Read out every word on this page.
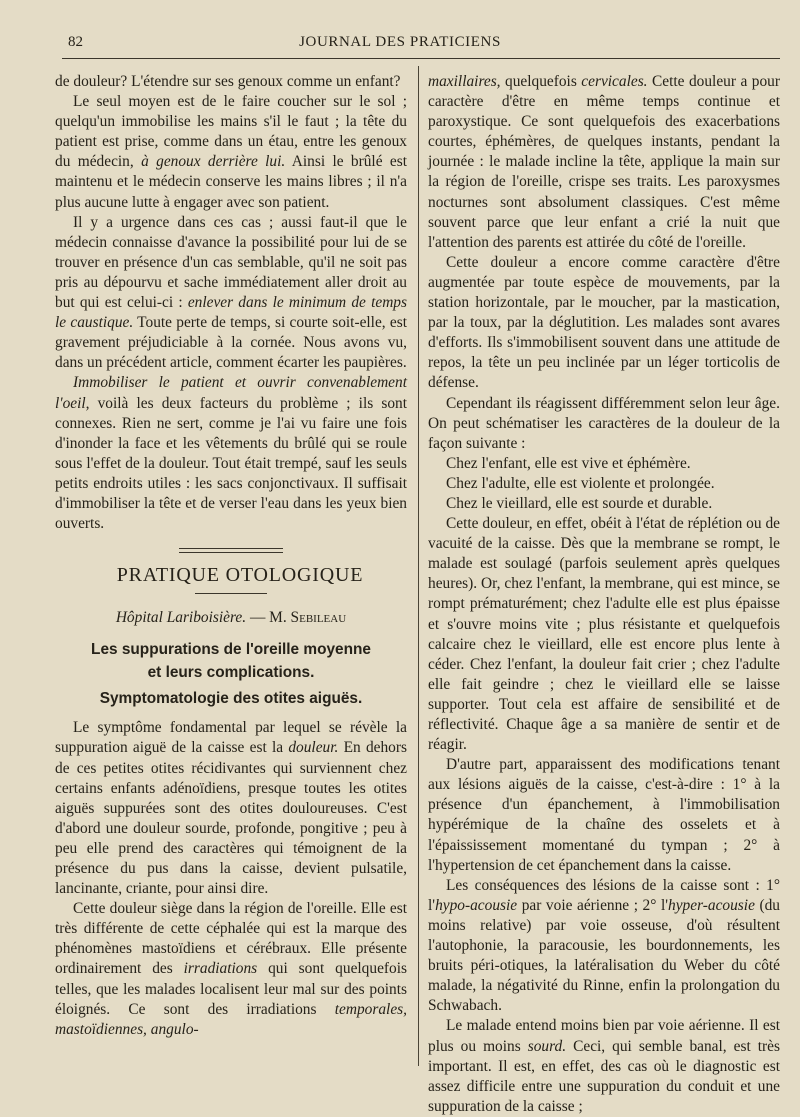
82	JOURNAL DES PRATICIENS

de douleur? L'étendre sur ses genoux comme un enfant?

Le seul moyen est de le faire coucher sur le sol ; quelqu'un immobilise les mains s'il le faut ; la tête du patient est prise, comme dans un étau, entre les genoux du médecin, à genoux derrière lui. Ainsi le brûlé est maintenu et le médecin conserve les mains libres ; il n'a plus aucune lutte à engager avec son patient.

Il y a urgence dans ces cas ; aussi faut-il que le médecin connaisse d'avance la possibilité pour lui de se trouver en présence d'un cas semblable, qu'il ne soit pas pris au dépourvu et sache immédiatement aller droit au but qui est celui-ci : enlever dans le minimum de temps le caustique. Toute perte de temps, si courte soit-elle, est gravement préjudiciable à la cornée. Nous avons vu, dans un précédent article, comment écarter les paupières.

Immobiliser le patient et ouvrir convenablement l'oeil, voilà les deux facteurs du problème ; ils sont connexes. Rien ne sert, comme je l'ai vu faire une fois d'inonder la face et les vêtements du brûlé qui se roule sous l'effet de la douleur. Tout était trempé, sauf les seuls petits endroits utiles : les sacs conjonctivaux. Il suffisait d'immobiliser la tête et de verser l'eau dans les yeux bien ouverts.

PRATIQUE OTOLOGIQUE

Hôpital Lariboisière. — M. Sebileau

Les suppurations de l'oreille moyenne
et leurs complications.

Symptomatologie des otites aiguës.

Le symptôme fondamental par lequel se révèle la suppuration aiguë de la caisse est la douleur. En dehors de ces petites otites récidivantes qui surviennent chez certains enfants adénoïdiens, presque toutes les otites aiguës suppurées sont des otites douloureuses. C'est d'abord une douleur sourde, profonde, pongitive ; peu à peu elle prend des caractères qui témoignent de la présence du pus dans la caisse, devient pulsatile, lancinante, criante, pour ainsi dire.

Cette douleur siège dans la région de l'oreille. Elle est très différente de cette céphalée qui est la marque des phénomènes mastoïdiens et cérébraux. Elle présente ordinairement des irradiations qui sont quelquefois telles, que les malades localisent leur mal sur des points éloignés. Ce sont des irradiations temporales, mastoïdiennes, angulo-

maxillaires, quelquefois cervicales. Cette douleur a pour caractère d'être en même temps continue et paroxystique. Ce sont quelquefois des exacerbations courtes, éphémères, de quelques instants, pendant la journée : le malade incline la tête, applique la main sur la région de l'oreille, crispe ses traits. Les paroxysmes nocturnes sont absolument classiques. C'est même souvent parce que leur enfant a crié la nuit que l'attention des parents est attirée du côté de l'oreille.

Cette douleur a encore comme caractère d'être augmentée par toute espèce de mouvements, par la station horizontale, par le moucher, par la mastication, par la toux, par la déglutition. Les malades sont avares d'efforts. Ils s'immobilisent souvent dans une attitude de repos, la tête un peu inclinée par un léger torticolis de défense.

Cependant ils réagissent différemment selon leur âge. On peut schématiser les caractères de la douleur de la façon suivante :

Chez l'enfant, elle est vive et éphémère.

Chez l'adulte, elle est violente et prolongée.

Chez le vieillard, elle est sourde et durable.

Cette douleur, en effet, obéit à l'état de réplétion ou de vacuité de la caisse. Dès que la membrane se rompt, le malade est soulagé (parfois seulement après quelques heures). Or, chez l'enfant, la membrane, qui est mince, se rompt prématurément; chez l'adulte elle est plus épaisse et s'ouvre moins vite ; plus résistante et quelquefois calcaire chez le vieillard, elle est encore plus lente à céder. Chez l'enfant, la douleur fait crier ; chez l'adulte elle fait geindre ; chez le vieillard elle se laisse supporter. Tout cela est affaire de sensibilité et de réflectivité. Chaque âge a sa manière de sentir et de réagir.

D'autre part, apparaissent des modifications tenant aux lésions aiguës de la caisse, c'est-à-dire : 1° à la présence d'un épanchement, à l'immobilisation hypérémique de la chaîne des osselets et à l'épaississement momentané du tympan ; 2° à l'hypertension de cet épanchement dans la caisse.

Les conséquences des lésions de la caisse sont : 1° l'hypo-acousie par voie aérienne ; 2° l'hyper-acousie (du moins relative) par voie osseuse, d'où résultent l'autophonie, la paracousie, les bourdonnements, les bruits péri-otiques, la latéralisation du Weber du côté malade, la négativité du Rinne, enfin la prolongation du Schwabach.

Le malade entend moins bien par voie aérienne. Il est plus ou moins sourd. Ceci, qui semble banal, est très important. Il est, en effet, des cas où le diagnostic est assez difficile entre une suppuration du conduit et une suppuration de la caisse ;
